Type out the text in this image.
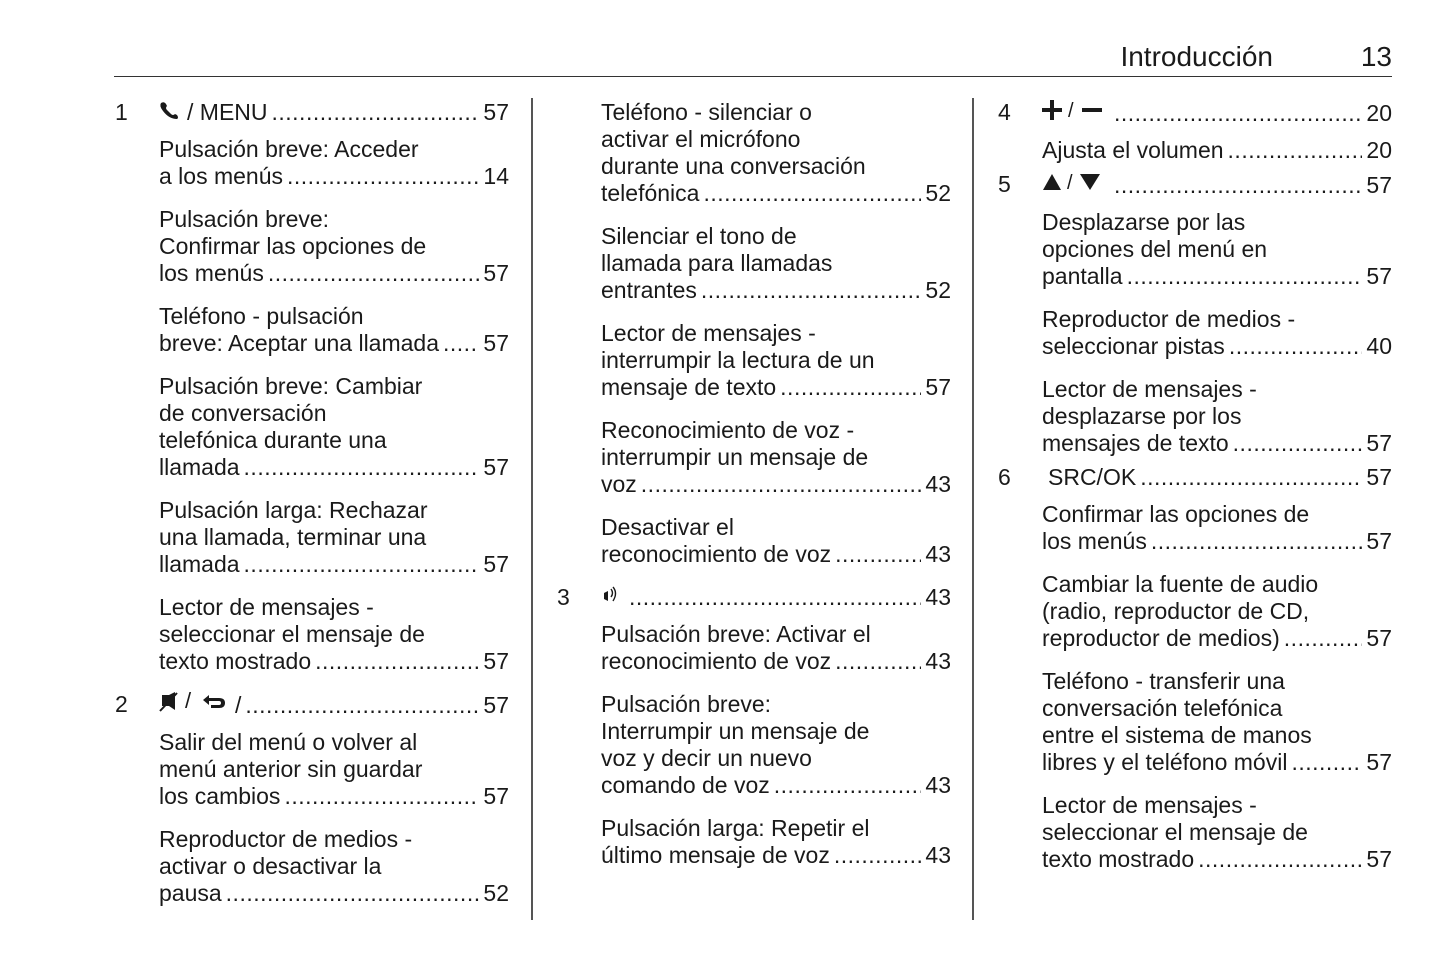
Introducción	13
1	/ MENU .....	57
Pulsación breve: Acceder
a los menús .....	14
Pulsación breve:
Confirmar las opciones de
los menús .....	57
Teléfono - pulsación
breve: Aceptar una llamada ..... 57
Pulsación breve: Cambiar
de conversación
telefónica durante una
llamada .....	57
Pulsación larga: Rechazar
una llamada, terminar una
llamada .....	57
Lector de mensajes -
seleccionar el mensaje de
texto mostrado .....	57
2	/ / .....	57
Salir del menú o volver al
menú anterior sin guardar
los cambios .....	57
Reproductor de medios -
activar o desactivar la
pausa .....	52
Teléfono - silenciar o
activar el micrófono
durante una conversación
telefónica .....	52
Silenciar el tono de
llamada para llamadas
entrantes .....	52
Lector de mensajes -
interrumpir la lectura de un
mensaje de texto .....	57
Reconocimiento de voz -
interrumpir un mensaje de
voz .....	43
Desactivar el
reconocimiento de voz .....	43
3 .....	43
Pulsación breve: Activar el
reconocimiento de voz .....	43
Pulsación breve:
Interrumpir un mensaje de
voz y decir un nuevo
comando de voz .....	43
Pulsación larga: Repetir el
último mensaje de voz .....	43
4	/ .....	20
Ajusta el volumen .....	20
5	/ .....	57
Desplazarse por las
opciones del menú en
pantalla .....	57
Reproductor de medios -
seleccionar pistas .....	40
Lector de mensajes -
desplazarse por los
mensajes de texto .....	57
6 SRC/OK .....	57
Confirmar las opciones de
los menús .....	57
Cambiar la fuente de audio
(radio, reproductor de CD,
reproductor de medios) .....	57
Teléfono - transferir una
conversación telefónica
entre el sistema de manos
libres y el teléfono móvil .....	57
Lector de mensajes -
seleccionar el mensaje de
texto mostrado .....	57
